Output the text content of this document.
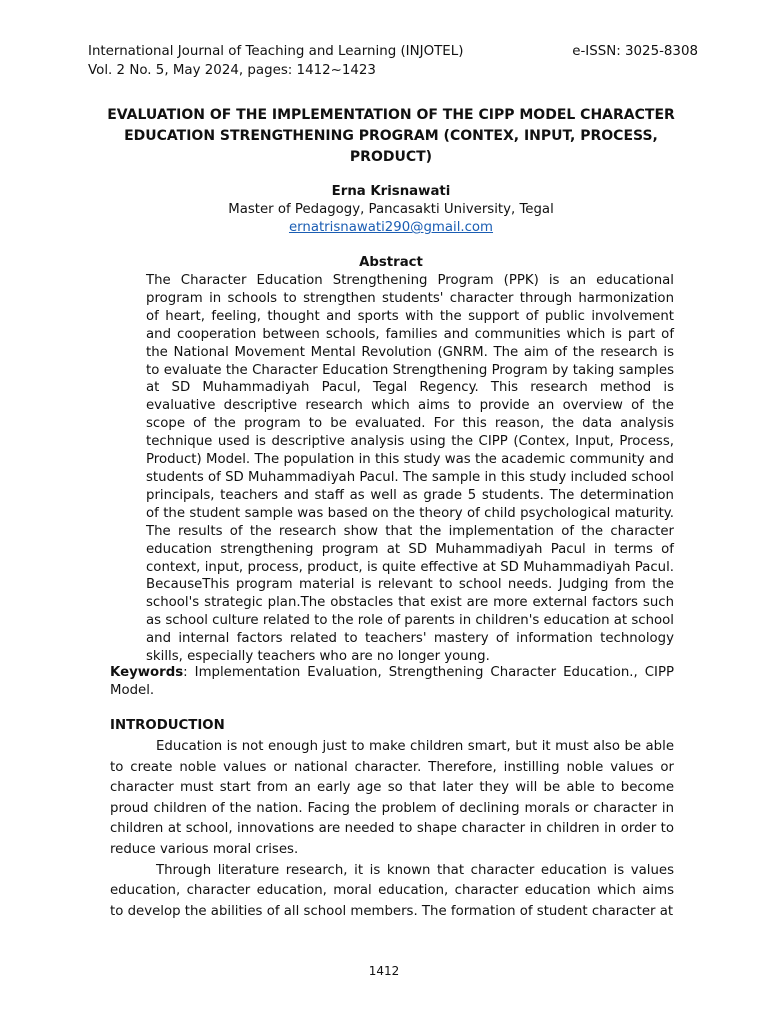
International Journal of Teaching and Learning (INJOTEL)	e-ISSN: 3025-8308
Vol. 2 No. 5, May 2024, pages: 1412~1423
EVALUATION OF THE IMPLEMENTATION OF THE CIPP MODEL CHARACTER EDUCATION STRENGTHENING PROGRAM (CONTEX, INPUT, PROCESS, PRODUCT)
Erna Krisnawati
Master of Pedagogy, Pancasakti University, Tegal
ernatrisnawati290@gmail.com
Abstract
The Character Education Strengthening Program (PPK) is an educational program in schools to strengthen students' character through harmonization of heart, feeling, thought and sports with the support of public involvement and cooperation between schools, families and communities which is part of the National Movement Mental Revolution (GNRM. The aim of the research is to evaluate the Character Education Strengthening Program by taking samples at SD Muhammadiyah Pacul, Tegal Regency. This research method is evaluative descriptive research which aims to provide an overview of the scope of the program to be evaluated. For this reason, the data analysis technique used is descriptive analysis using the CIPP (Contex, Input, Process, Product) Model. The population in this study was the academic community and students of SD Muhammadiyah Pacul. The sample in this study included school principals, teachers and staff as well as grade 5 students. The determination of the student sample was based on the theory of child psychological maturity. The results of the research show that the implementation of the character education strengthening program at SD Muhammadiyah Pacul in terms of context, input, process, product, is quite effective at SD Muhammadiyah Pacul. BecauseThis program material is relevant to school needs. Judging from the school's strategic plan.The obstacles that exist are more external factors such as school culture related to the role of parents in children's education at school and internal factors related to teachers' mastery of information technology skills, especially teachers who are no longer young.
Keywords: Implementation Evaluation, Strengthening Character Education., CIPP Model.
INTRODUCTION

Education is not enough just to make children smart, but it must also be able to create noble values or national character. Therefore, instilling noble values or character must start from an early age so that later they will be able to become proud children of the nation. Facing the problem of declining morals or character in children at school, innovations are needed to shape character in children in order to reduce various moral crises.

Through literature research, it is known that character education is values education, character education, moral education, character education which aims to develop the abilities of all school members. The formation of student character at

1412
